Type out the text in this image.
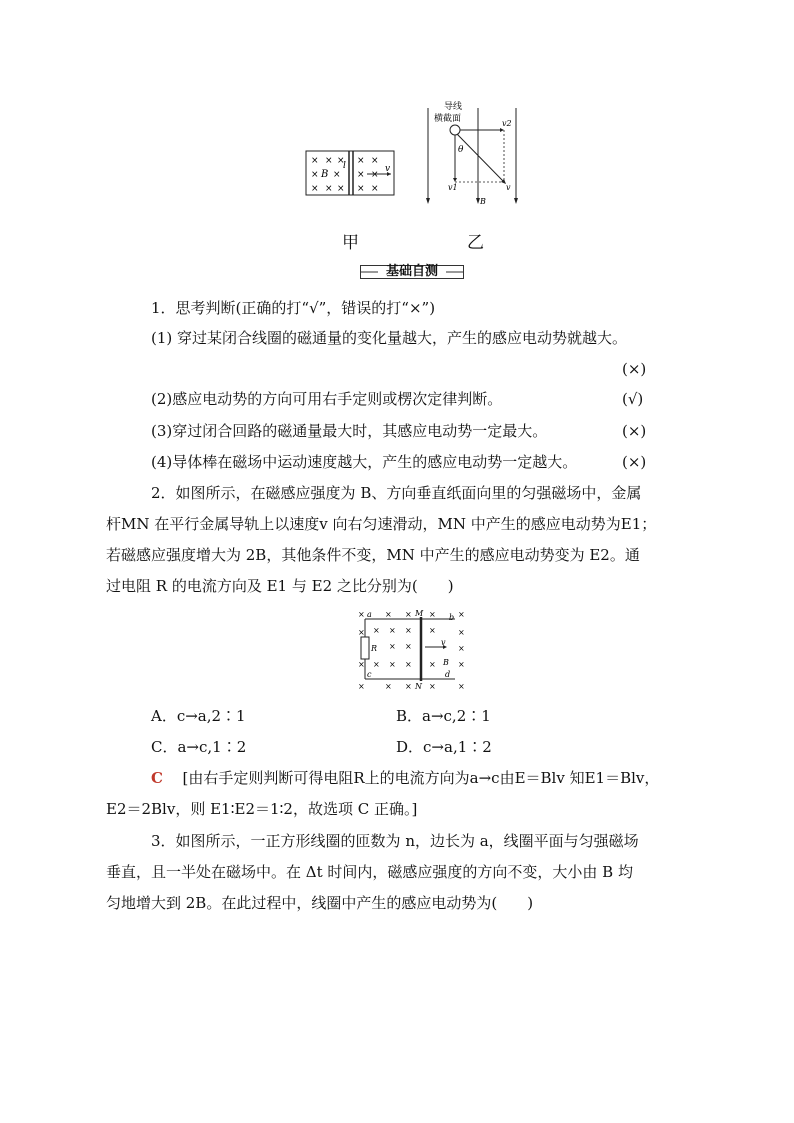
× × × × ×
× B ×
l
× ×
× × × × ×
v
导线
横截面	v2
v1	v
θ
B
甲	乙
基础自测
1．思考判断(正确的打“√”，错误的打“×”)
(1) 穿过某闭合线圈的磁通量的变化量越大，产生的感应电动势就越大。
(×)
(2)感应电动势的方向可用右手定则或楞次定律判断。	(√)
(3)穿过闭合回路的磁通量最大时，其感应电动势一定最大。	(×)
(4)导体棒在磁场中运动速度越大，产生的感应电动势一定越大。	(×)
2．如图所示，在磁感应强度为 B、方向垂直纸面向里的匀强磁场中，金属
杆MN 在平行金属导轨上以速度v 向右匀速滑动，MN 中产生的感应电动势为E1；
若磁感应强度增大为 2B，其他条件不变，MN 中产生的感应电动势变为 E2。通
过电阻 R 的电流方向及 E1 与 E2 之比分别为(　　)
× a × × M × b ×
× × × × ×	×
R × ×	v
×
× × × × × B ×
×
c
× × N ×
d
×
A．c→a,2∶1	B．a→c,2∶1
C．a→c,1∶2	D．c→a,1∶2
C [由右手定则判断可得电阻R上的电流方向为a→c由E＝Blv 知E1＝Blv，
E2＝2Blv，则 E1∶E2＝1∶2，故选项 C 正确。]
3．如图所示，一正方形线圈的匝数为 n，边长为 a，线圈平面与匀强磁场
垂直，且一半处在磁场中。在 Δt 时间内，磁感应强度的方向不变，大小由 B 均
匀地增大到 2B。在此过程中，线圈中产生的感应电动势为(　　)
